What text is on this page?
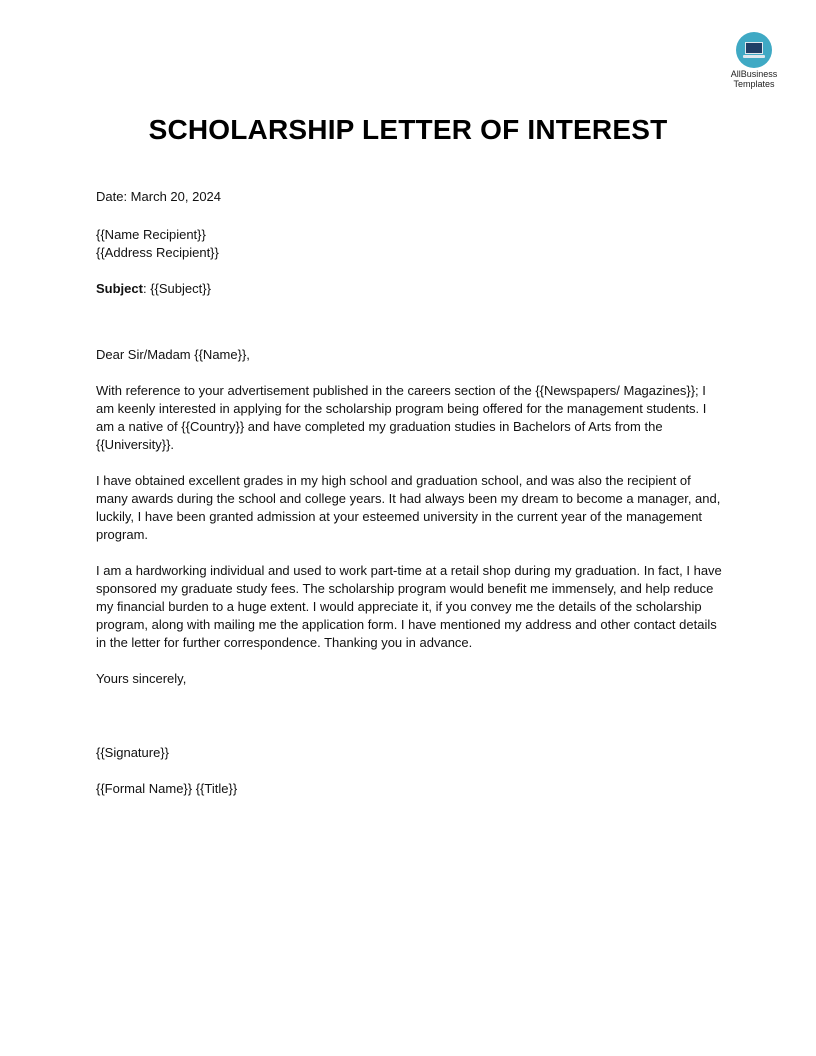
AllBusiness
Templates
SCHOLARSHIP LETTER OF INTEREST

Date: March 20, 2024

{{Name Recipient}}

{{Address Recipient}}

Subject: {{Subject}}

Dear Sir/Madam {{Name}},

With reference to your advertisement published in the careers section of the {{Newspapers/ Magazines}}; I am keenly interested in applying for the scholarship program being offered for the management students. I am a native of {{Country}} and have completed my graduation studies in Bachelors of Arts from the {{University}}.

I have obtained excellent grades in my high school and graduation school, and was also the recipient of many awards during the school and college years. It had always been my dream to become a manager, and, luckily, I have been granted admission at your esteemed university in the current year of the management program.

I am a hardworking individual and used to work part-time at a retail shop during my graduation. In fact, I have sponsored my graduate study fees. The scholarship program would benefit me immensely, and help reduce my financial burden to a huge extent. I would appreciate it, if you convey me the details of the scholarship program, along with mailing me the application form. I have mentioned my address and other contact details in the letter for further correspondence. Thanking you in advance.

Yours sincerely,

{{Signature}}

{{Formal Name}} {{Title}}
